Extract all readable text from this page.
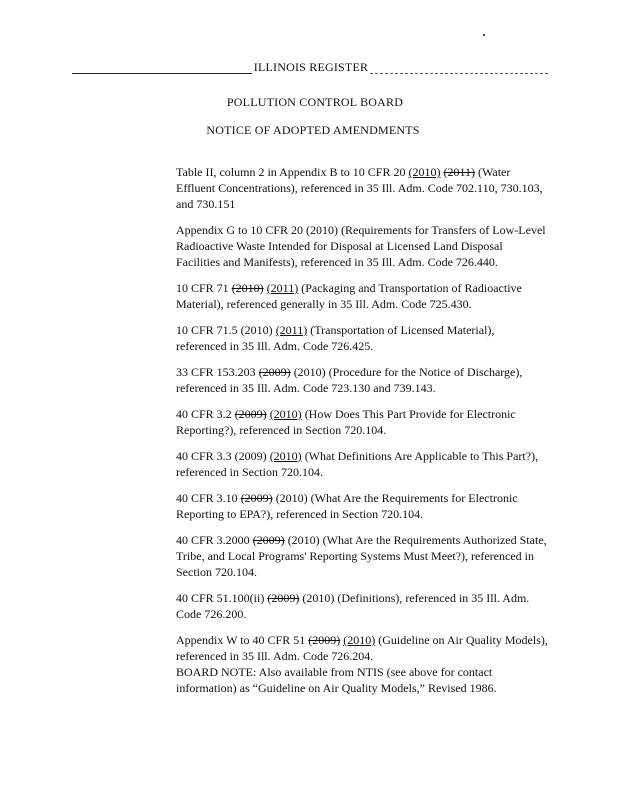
ILLINOIS REGISTER
POLLUTION CONTROL BOARD
NOTICE OF ADOPTED AMENDMENTS

Table II, column 2 in Appendix B to 10 CFR 20 (2010) (2011) (Water Effluent Concentrations), referenced in 35 Ill. Adm. Code 702.110, 730.103, and 730.151

Appendix G to 10 CFR 20 (2010) (Requirements for Transfers of Low-Level Radioactive Waste Intended for Disposal at Licensed Land Disposal Facilities and Manifests), referenced in 35 Ill. Adm. Code 726.440.

10 CFR 71 (2010) (2011) (Packaging and Transportation of Radioactive Material), referenced generally in 35 Ill. Adm. Code 725.430.

10 CFR 71.5 (2010) (2011) (Transportation of Licensed Material), referenced in 35 Ill. Adm. Code 726.425.

33 CFR 153.203 (2009) (2010) (Procedure for the Notice of Discharge), referenced in 35 Ill. Adm. Code 723.130 and 739.143.

40 CFR 3.2 (2009) (2010) (How Does This Part Provide for Electronic Reporting?), referenced in Section 720.104.

40 CFR 3.3 (2009) (2010) (What Definitions Are Applicable to This Part?), referenced in Section 720.104.

40 CFR 3.10 (2009) (2010) (What Are the Requirements for Electronic Reporting to EPA?), referenced in Section 720.104.

40 CFR 3.2000 (2009) (2010) (What Are the Requirements Authorized State, Tribe, and Local Programs' Reporting Systems Must Meet?), referenced in Section 720.104.

40 CFR 51.100(ii) (2009) (2010) (Definitions), referenced in 35 Ill. Adm. Code 726.200.

Appendix W to 40 CFR 51 (2009) (2010) (Guideline on Air Quality Models), referenced in 35 Ill. Adm. Code 726.204.
BOARD NOTE: Also available from NTIS (see above for contact information) as “Guideline on Air Quality Models,” Revised 1986.
